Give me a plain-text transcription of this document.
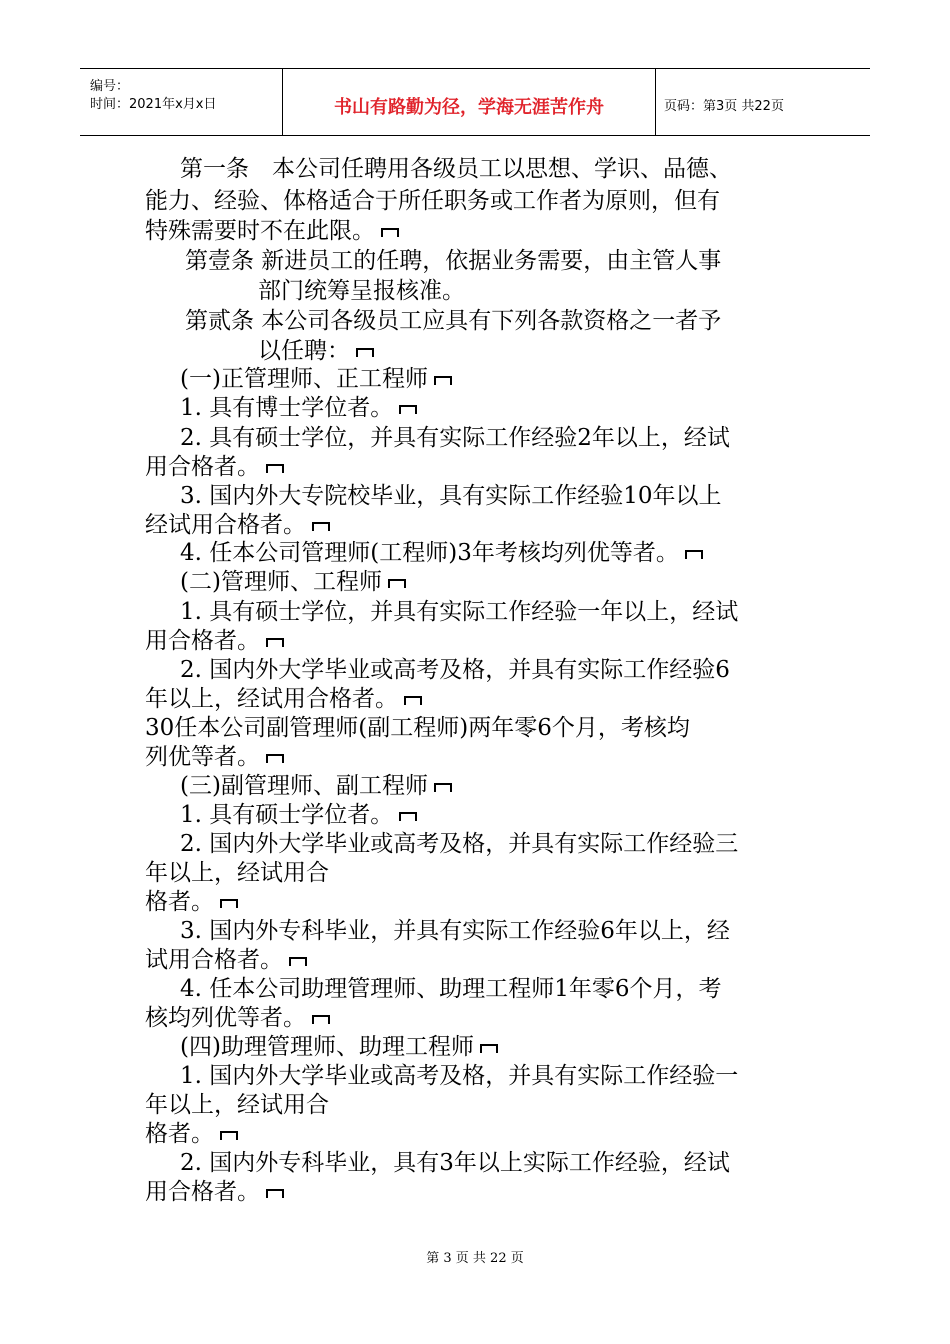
编号：
时间：2021年x月x日	书山有路勤为径，学海无涯苦作舟	页码：第3页 共22页
第一条　本公司任聘用各级员工以思想、学识、品德、
能力、经验、体格适合于所任职务或工作者为原则，但有
特殊需要时不在此限。
第壹条 新进员工的任聘，依据业务需要，由主管人事
部门统筹呈报核准。
第贰条 本公司各级员工应具有下列各款资格之一者予
以任聘：
(一)正管理师、正工程师
1. 具有博士学位者。
2. 具有硕士学位，并具有实际工作经验2年以上，经试
用合格者。
3. 国内外大专院校毕业，具有实际工作经验10年以上
经试用合格者。
4. 任本公司管理师(工程师)3年考核均列优等者。
(二)管理师、工程师
1. 具有硕士学位，并具有实际工作经验一年以上，经试
用合格者。
2. 国内外大学毕业或高考及格，并具有实际工作经验6
年以上，经试用合格者。
30任本公司副管理师(副工程师)两年零6个月，考核均
列优等者。
(三)副管理师、副工程师
1. 具有硕士学位者。
2. 国内外大学毕业或高考及格，并具有实际工作经验三
年以上，经试用合
格者。
3. 国内外专科毕业，并具有实际工作经验6年以上，经
试用合格者。
4. 任本公司助理管理师、助理工程师1年零6个月，考
核均列优等者。
(四)助理管理师、助理工程师
1. 国内外大学毕业或高考及格，并具有实际工作经验一
年以上，经试用合
格者。
2. 国内外专科毕业，具有3年以上实际工作经验，经试
用合格者。
第 3 页 共 22 页
